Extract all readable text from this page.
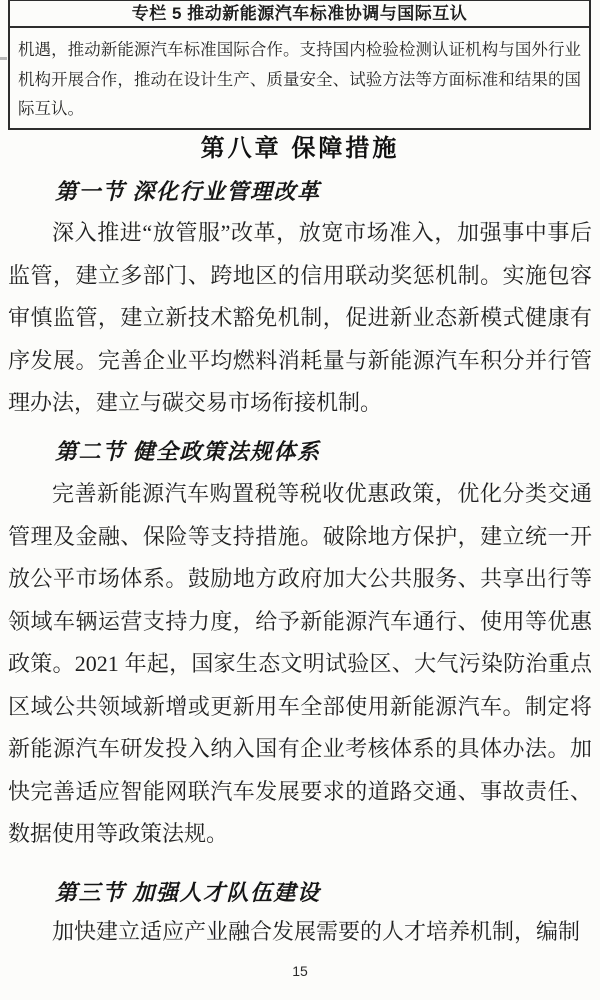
专栏 5 推动新能源汽车标准协调与国际互认
机遇，推动新能源汽车标准国际合作。支持国内检验检测认证机构与国外行业机构开展合作，推动在设计生产、质量安全、试验方法等方面标准和结果的国际互认。
第八章 保障措施
第一节 深化行业管理改革

深入推进“放管服”改革，放宽市场准入，加强事中事后监管，建立多部门、跨地区的信用联动奖惩机制。实施包容审慎监管，建立新技术豁免机制，促进新业态新模式健康有序发展。完善企业平均燃料消耗量与新能源汽车积分并行管理办法，建立与碳交易市场衔接机制。

第二节 健全政策法规体系

完善新能源汽车购置税等税收优惠政策，优化分类交通管理及金融、保险等支持措施。破除地方保护，建立统一开放公平市场体系。鼓励地方政府加大公共服务、共享出行等领域车辆运营支持力度，给予新能源汽车通行、使用等优惠政策。2021 年起，国家生态文明试验区、大气污染防治重点区域公共领域新增或更新用车全部使用新能源汽车。制定将新能源汽车研发投入纳入国有企业考核体系的具体办法。加快完善适应智能网联汽车发展要求的道路交通、事故责任、数据使用等政策法规。

第三节 加强人才队伍建设

加快建立适应产业融合发展需要的人才培养机制，编制

15
